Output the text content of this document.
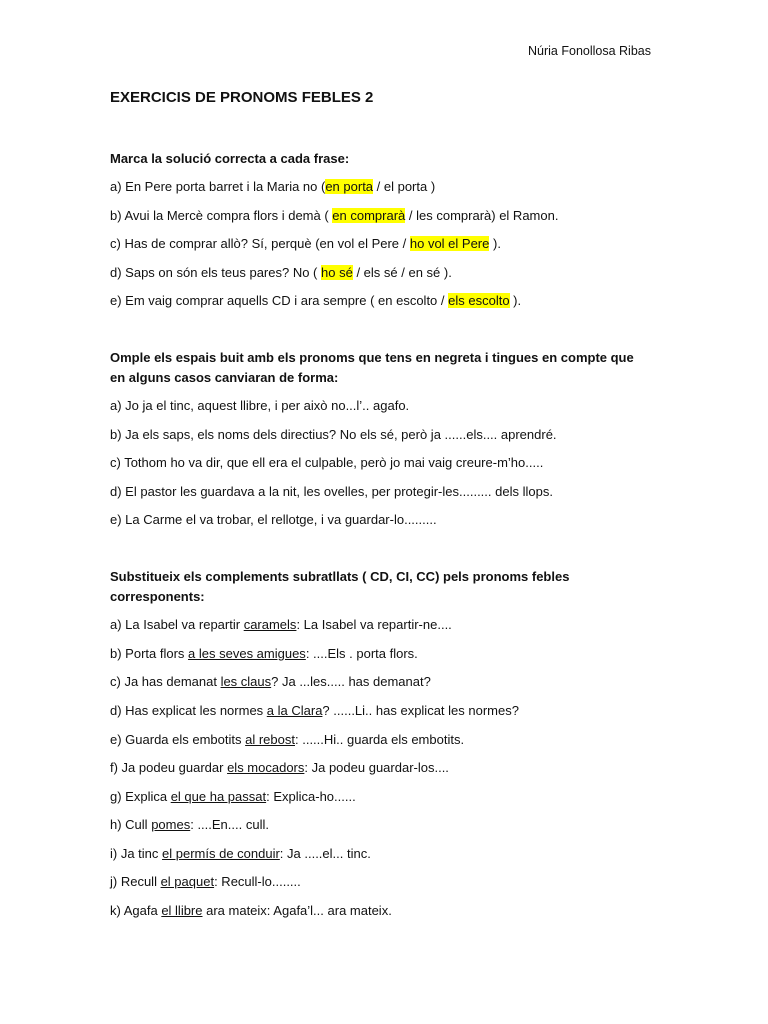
Núria Fonollosa Ribas
EXERCICIS DE PRONOMS FEBLES 2
Marca la solució correcta a cada frase:
a) En Pere porta barret i la Maria no (en porta / el porta )
b) Avui la Mercè compra flors i demà ( en comprarà / les comprarà) el Ramon.
c) Has de comprar allò? Sí, perquè (en vol el Pere / ho vol el Pere ).
d) Saps on són els teus pares? No ( ho sé / els sé / en sé ).
e) Em vaig comprar aquells CD i ara sempre ( en escolto / els escolto ).
Omple els espais buit amb els pronoms que tens en negreta i tingues en compte que
en alguns casos canviaran de forma:
a) Jo ja el tinc, aquest llibre, i per això no...l’.. agafo.
b) Ja els saps, els noms dels directius? No els sé, però ja ......els.... aprendré.
c) Tothom ho va dir, que ell era el culpable, però jo mai vaig creure-m’ho.....
d) El pastor les guardava a la nit, les ovelles, per protegir-les......... dels llops.
e) La Carme el va trobar, el rellotge, i va guardar-lo.........
Substitueix els complements subratllats ( CD, CI, CC) pels pronoms febles
corresponents:
a) La Isabel va repartir caramels: La Isabel va repartir-ne....
b) Porta flors a les seves amigues: ....Els . porta flors.
c) Ja has demanat les claus? Ja ...les..... has demanat?
d) Has explicat les normes a la Clara? ......Li.. has explicat les normes?
e) Guarda els embotits al rebost: ......Hi.. guarda els embotits.
f) Ja podeu guardar els mocadors: Ja podeu guardar-los....
g) Explica el que ha passat: Explica-ho......
h) Cull pomes: ....En.... cull.
i) Ja tinc el permís de conduir: Ja .....el... tinc.
j) Recull el paquet: Recull-lo........
k) Agafa el llibre ara mateix: Agafa’l... ara mateix.
